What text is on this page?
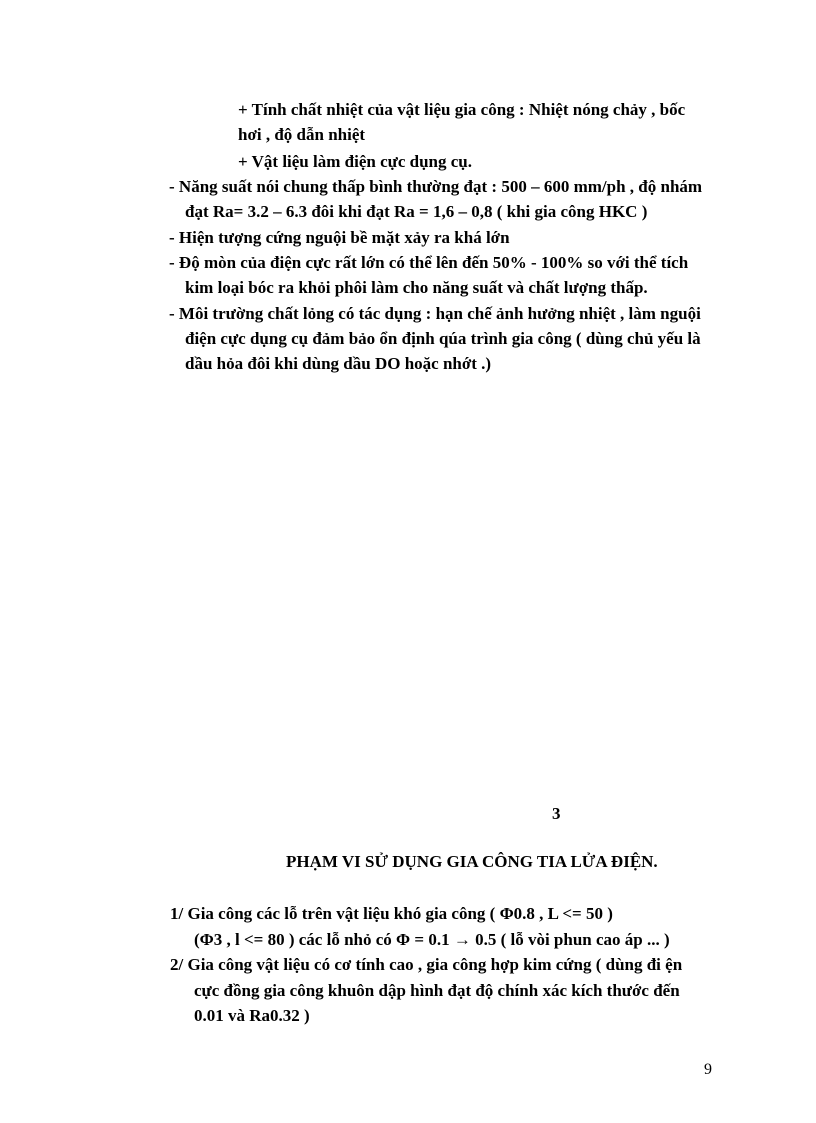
+ Tính chất nhiệt của vật liệu gia công : Nhiệt nóng chảy , bốc
hơi , độ dẫn nhiệt
+ Vật liệu làm điện cực dụng cụ.
- Năng suất nói chung thấp bình thường đạt : 500 – 600 mm/ph , độ nhám
đạt Ra= 3.2 – 6.3 đôi khi đạt Ra = 1,6 – 0,8 ( khi gia công HKC )
- Hiện tượng cứng nguội bề mặt xảy ra khá lớn
- Độ mòn của điện cực rất lớn có thể lên đến 50% - 100% so với thể tích
kim loại bóc ra khỏi phôi làm cho năng suất và chất lượng thấp.
- Môi trường chất lỏng có tác dụng : hạn chế ảnh hưởng nhiệt , làm nguội
điện cực dụng cụ đảm bảo ổn định qúa trình gia công ( dùng chủ yếu là
dầu hỏa đôi khi dùng dầu DO hoặc nhớt .)
3
PHẠM VI SỬ DỤNG GIA CÔNG TIA LỬA ĐIỆN.
1/ Gia công các lỗ trên vật liệu khó gia công ( Φ0.8 , L <= 50 )
(Φ3 , l <= 80 ) các lỗ nhỏ có Φ = 0.1 → 0.5 ( lỗ vòi phun cao áp ... )
2/ Gia công vật liệu có cơ tính cao , gia công hợp kim cứng ( dùng đi ện
cực đồng gia công khuôn dập hình đạt độ chính xác kích thước đến
0.01 và Ra0.32 )
9
